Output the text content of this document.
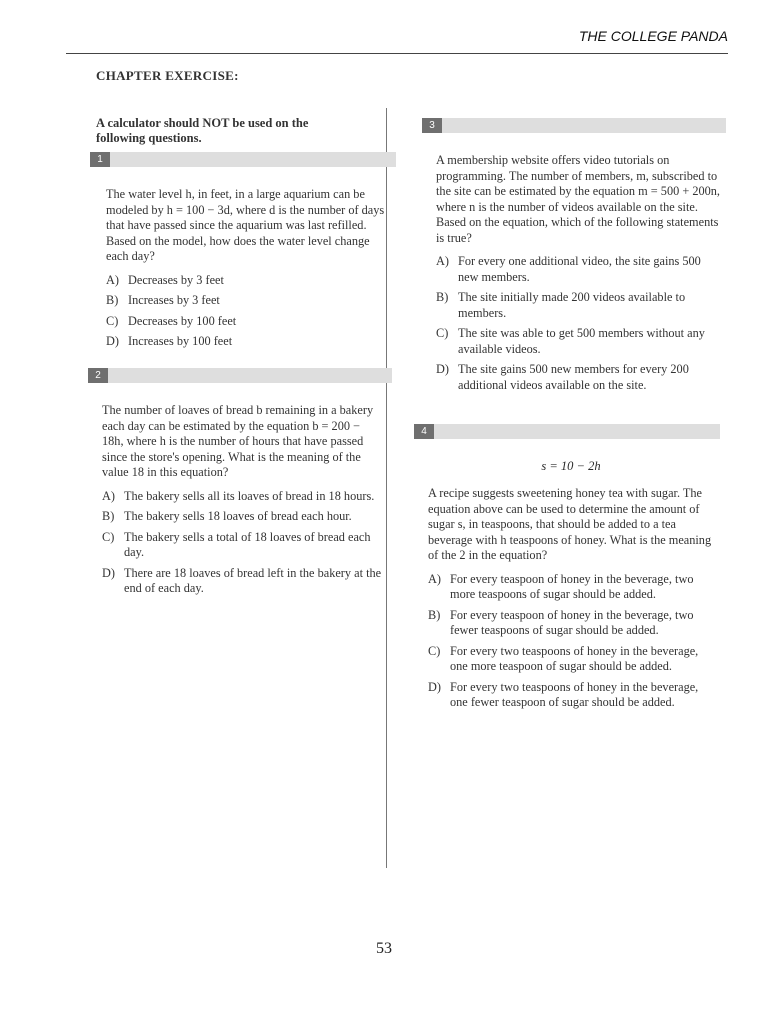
THE COLLEGE PANDA
CHAPTER EXERCISE:
A calculator should NOT be used on the following questions.
1

The water level h, in feet, in a large aquarium can be modeled by h = 100 − 3d, where d is the number of days that have passed since the aquarium was last refilled. Based on the model, how does the water level change each day?

A) Decreases by 3 feet
B) Increases by 3 feet
C) Decreases by 100 feet
D) Increases by 100 feet
2

The number of loaves of bread b remaining in a bakery each day can be estimated by the equation b = 200 − 18h, where h is the number of hours that have passed since the store's opening. What is the meaning of the value 18 in this equation?

A) The bakery sells all its loaves of bread in 18 hours.
B) The bakery sells 18 loaves of bread each hour.
C) The bakery sells a total of 18 loaves of bread each day.
D) There are 18 loaves of bread left in the bakery at the end of each day.
3

A membership website offers video tutorials on programming. The number of members, m, subscribed to the site can be estimated by the equation m = 500 + 200n, where n is the number of videos available on the site. Based on the equation, which of the following statements is true?

A) For every one additional video, the site gains 500 new members.
B) The site initially made 200 videos available to members.
C) The site was able to get 500 members without any available videos.
D) The site gains 500 new members for every 200 additional videos available on the site.
4

s = 10 − 2h

A recipe suggests sweetening honey tea with sugar. The equation above can be used to determine the amount of sugar s, in teaspoons, that should be added to a tea beverage with h teaspoons of honey. What is the meaning of the 2 in the equation?

A) For every teaspoon of honey in the beverage, two more teaspoons of sugar should be added.
B) For every teaspoon of honey in the beverage, two fewer teaspoons of sugar should be added.
C) For every two teaspoons of honey in the beverage, one more teaspoon of sugar should be added.
D) For every two teaspoons of honey in the beverage, one fewer teaspoon of sugar should be added.
53
